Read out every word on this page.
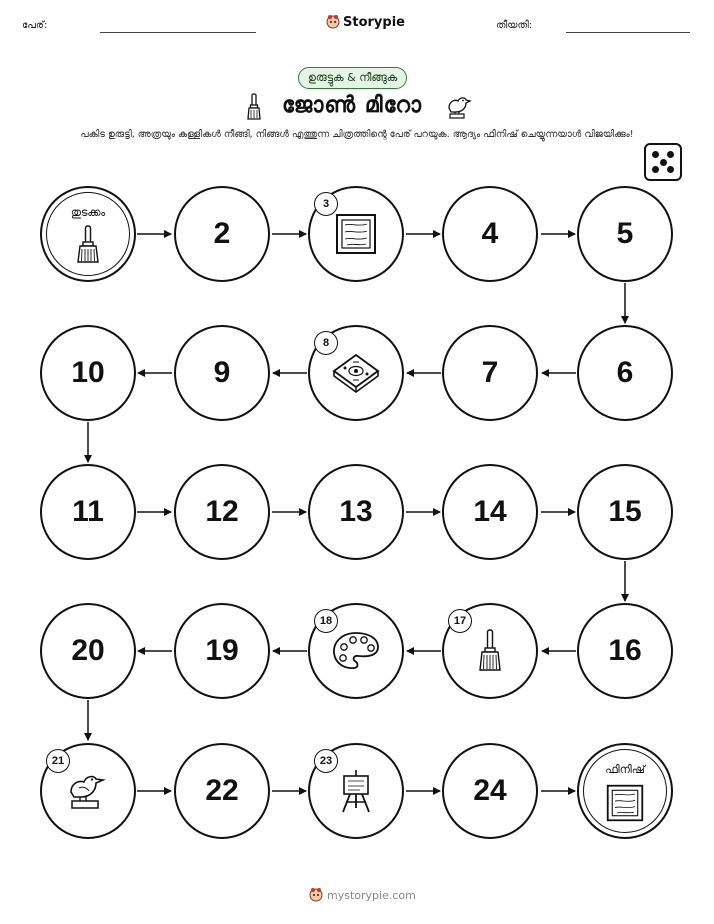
പേര്:	Storypie	തീയതി:
ഉരുട്ടുക & നീങ്ങുക
ജോൺ മിറോ
പകിട ഉരുട്ടി, അത്രയും കള്ളികൾ നീങ്ങി, നിങ്ങൾ എത്തുന്ന ചിത്രത്തിന്റെ പേര് പറയുക. ആദ്യം ഫിനിഷ് ചെയ്യുന്നയാൾ വിജയിക്കും!
തുടക്കം
2
3
4	5
10	9
8
7	6
11	12	13	14	15
20	19
18	17
16
21
22
23
24
ഫിനിഷ്
mystorypie.com
